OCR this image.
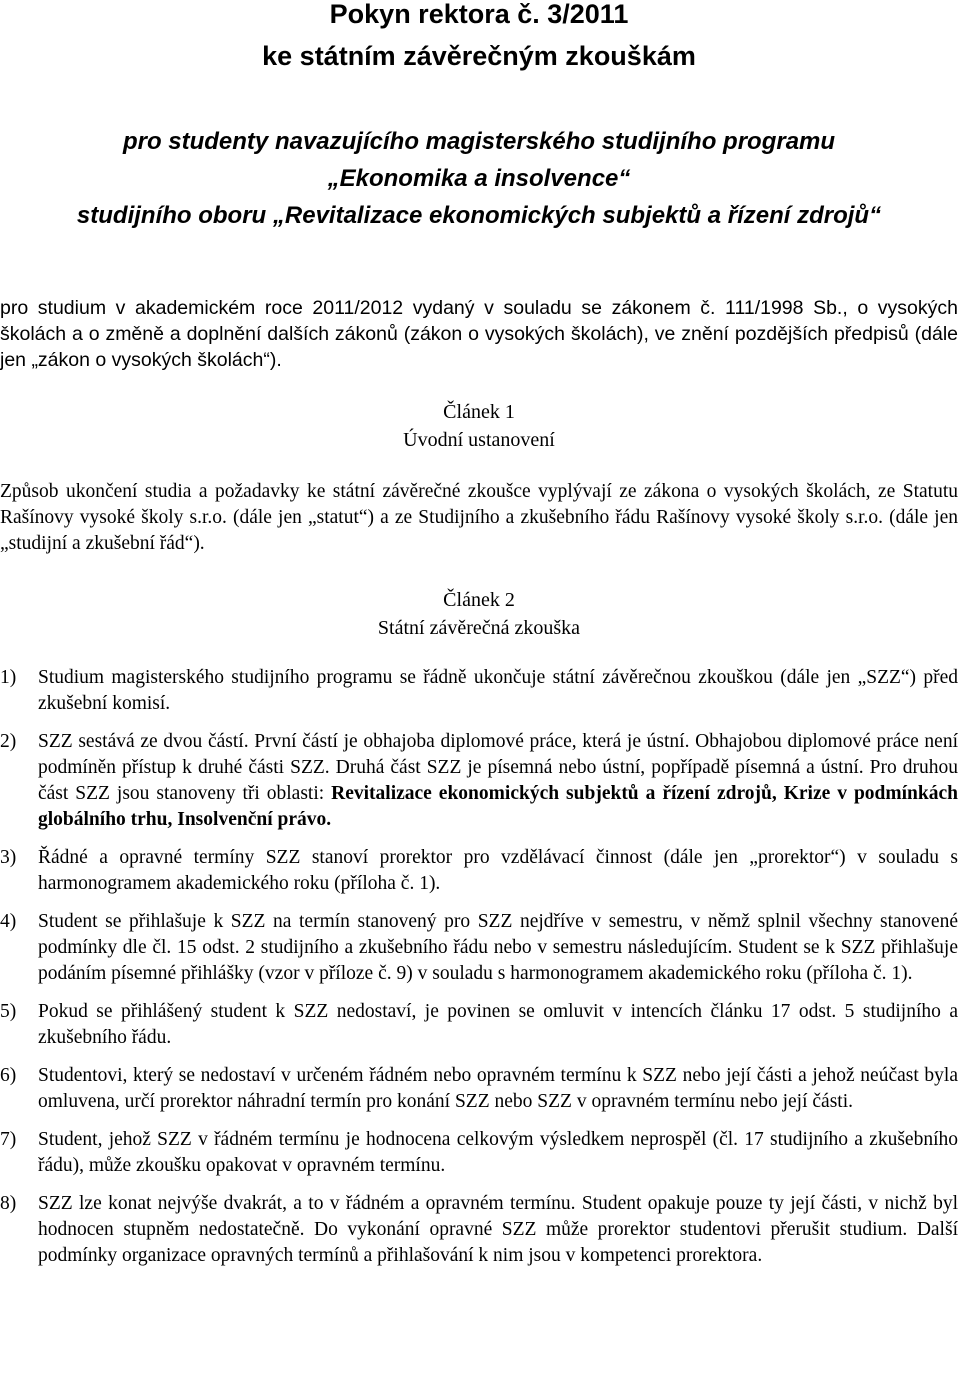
Pokyn rektora č. 3/2011
ke státním závěrečným zkouškám
pro studenty navazujícího magisterského studijního programu
„Ekonomika a insolvence“
studijního oboru „Revitalizace ekonomických subjektů a řízení zdrojů“
pro studium v akademickém roce 2011/2012 vydaný v souladu se zákonem č. 111/1998 Sb., o vysokých školách a o změně a doplnění dalších zákonů (zákon o vysokých školách), ve znění pozdějších předpisů (dále jen „zákon o vysokých školách“).
Článek 1
Úvodní ustanovení
Způsob ukončení studia a požadavky ke státní závěrečné zkoušce vyplývají ze zákona o vysokých školách, ze Statutu Rašínovy vysoké školy s.r.o. (dále jen „statut“) a ze Studijního a zkušebního řádu Rašínovy vysoké školy s.r.o. (dále jen „studijní a zkušební řád“).
Článek 2
Státní závěrečná zkouška
1)	Studium magisterského studijního programu se řádně ukončuje státní závěrečnou zkouškou (dále jen „SZZ“) před zkušební komisí.
2)	SZZ sestává ze dvou částí. První částí je obhajoba diplomové práce, která je ústní. Obhajobou diplomové práce není podmíněn přístup k druhé části SZZ. Druhá část SZZ je písemná nebo ústní, popřípadě písemná a ústní. Pro druhou část SZZ jsou stanoveny tři oblasti: Revitalizace ekonomických subjektů a řízení zdrojů, Krize v podmínkách globálního trhu, Insolvenční právo.
3)	Řádné a opravné termíny SZZ stanoví prorektor pro vzdělávací činnost (dále jen „prorektor“) v souladu s harmonogramem akademického roku (příloha č. 1).
4)	Student se přihlašuje k SZZ na termín stanovený pro SZZ nejdříve v semestru, v němž splnil všechny stanovené podmínky dle čl. 15 odst. 2 studijního a zkušebního řádu nebo v semestru následujícím. Student se k SZZ přihlašuje podáním písemné přihlášky (vzor v příloze č. 9) v souladu s harmonogramem akademického roku (příloha č. 1).
5)	Pokud se přihlášený student k SZZ nedostaví, je povinen se omluvit v intencích článku 17 odst. 5 studijního a zkušebního řádu.
6)	Studentovi, který se nedostaví v určeném řádném nebo opravném termínu k SZZ nebo její části a jehož neúčast byla omluvena, určí prorektor náhradní termín pro konání SZZ nebo SZZ v opravném termínu nebo její části.
7)	Student, jehož SZZ v řádném termínu je hodnocena celkovým výsledkem neprospěl (čl. 17 studijního a zkušebního řádu), může zkoušku opakovat v opravném termínu.
8)	SZZ lze konat nejvýše dvakrát, a to v řádném a opravném termínu. Student opakuje pouze ty její části, v nichž byl hodnocen stupněm nedostatečně. Do vykonání opravné SZZ může prorektor studentovi přerušit studium. Další podmínky organizace opravných termínů a přihlašování k nim jsou v kompetenci prorektora.
